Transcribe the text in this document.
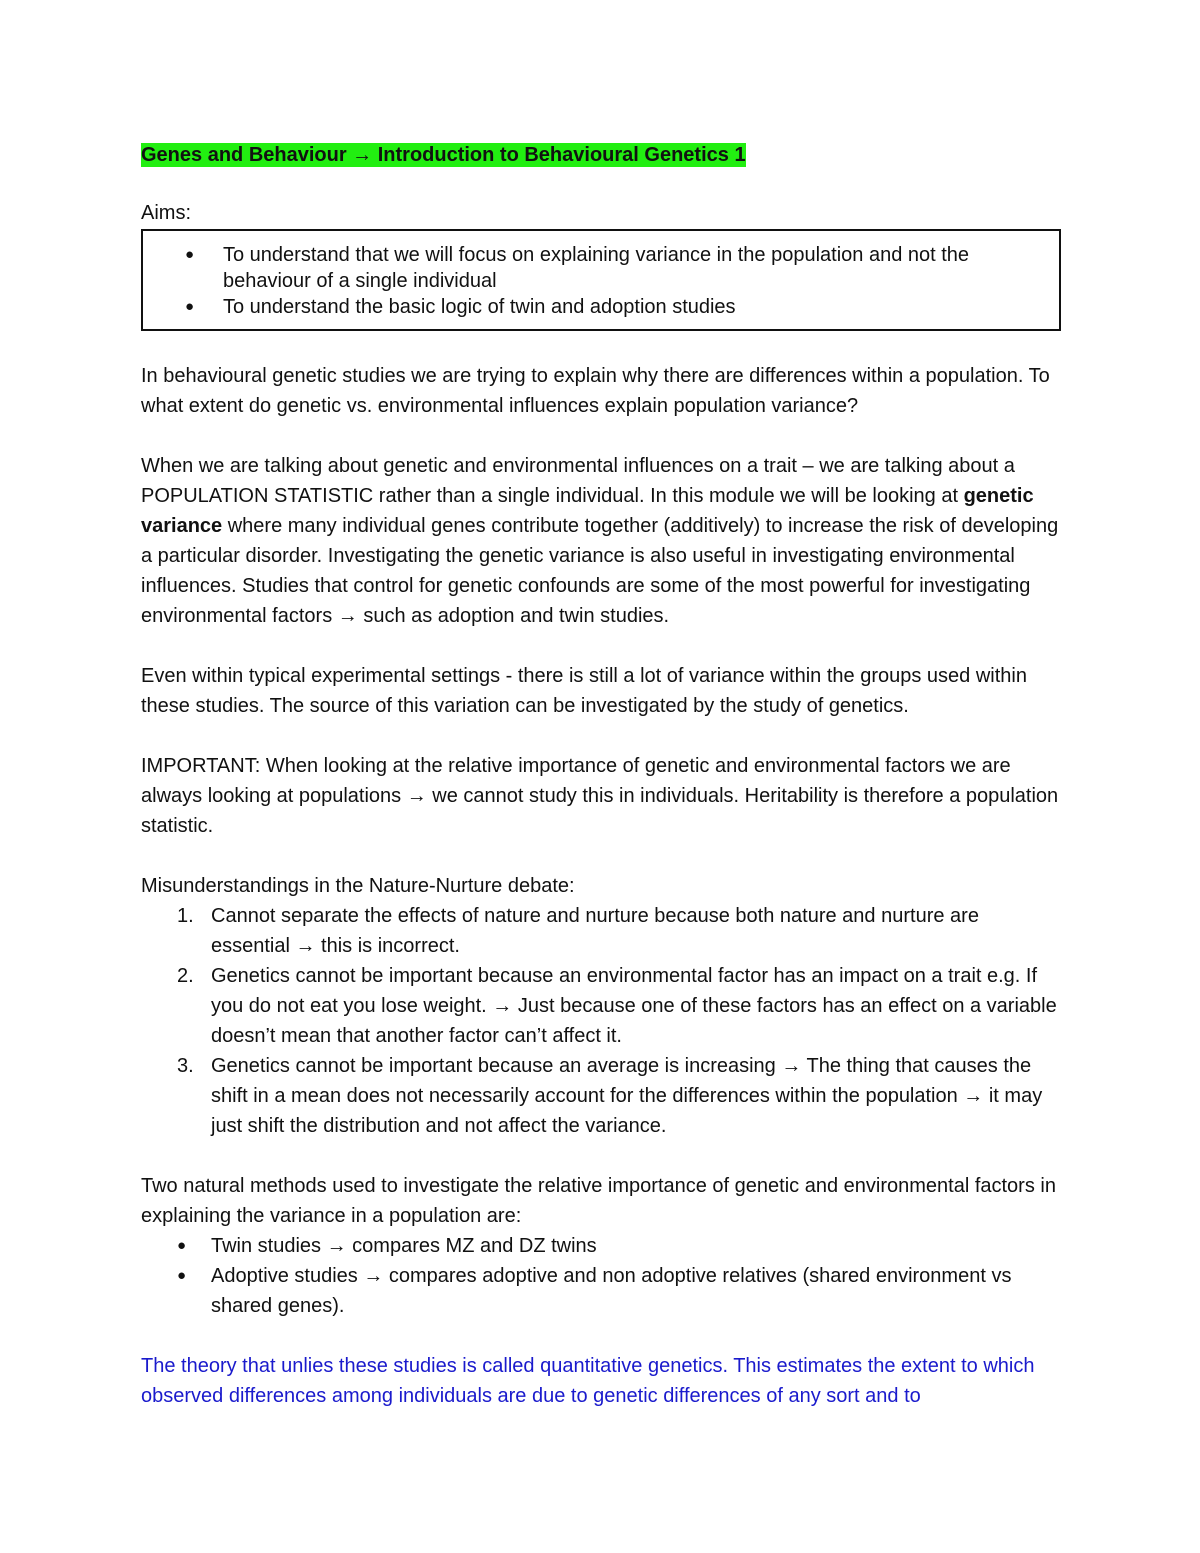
Genes and Behaviour → Introduction to Behavioural Genetics 1
Aims:
● To understand that we will focus on explaining variance in the population and not the behaviour of a single individual
● To understand the basic logic of twin and adoption studies

In behavioural genetic studies we are trying to explain why there are differences within a population. To what extent do genetic vs. environmental influences explain population variance?

When we are talking about genetic and environmental influences on a trait – we are talking about a POPULATION STATISTIC rather than a single individual. In this module we will be looking at genetic variance where many individual genes contribute together (additively) to increase the risk of developing a particular disorder. Investigating the genetic variance is also useful in investigating environmental influences. Studies that control for genetic confounds are some of the most powerful for investigating environmental factors → such as adoption and twin studies.

Even within typical experimental settings - there is still a lot of variance within the groups used within these studies. The source of this variation can be investigated by the study of genetics.

IMPORTANT: When looking at the relative importance of genetic and environmental factors we are always looking at populations → we cannot study this in individuals. Heritability is therefore a population statistic.

Misunderstandings in the Nature-Nurture debate:

1. Cannot separate the effects of nature and nurture because both nature and nurture are essential → this is incorrect.
2. Genetics cannot be important because an environmental factor has an impact on a trait e.g. If you do not eat you lose weight. → Just because one of these factors has an effect on a variable doesn’t mean that another factor can’t affect it.
3. Genetics cannot be important because an average is increasing → The thing that causes the shift in a mean does not necessarily account for the differences within the population → it may just shift the distribution and not affect the variance.

Two natural methods used to investigate the relative importance of genetic and environmental factors in explaining the variance in a population are:

● Twin studies → compares MZ and DZ twins
● Adoptive studies → compares adoptive and non adoptive relatives (shared environment vs shared genes).

The theory that unlies these studies is called quantitative genetics. This estimates the extent to which observed differences among individuals are due to genetic differences of any sort and to
